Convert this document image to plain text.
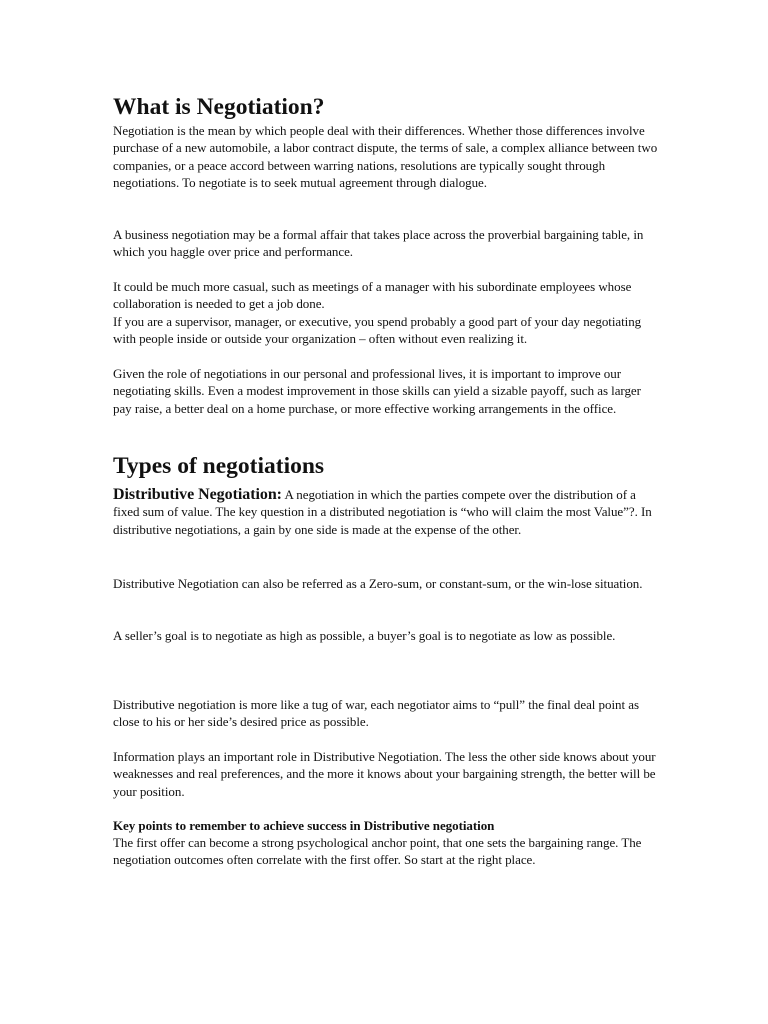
What is Negotiation?

Negotiation is the mean by which people deal with their differences. Whether those differences involve purchase of a new automobile, a labor contract dispute, the terms of sale, a complex alliance between two companies, or a peace accord between warring nations, resolutions are typically sought through negotiations. To negotiate is to seek mutual agreement through dialogue.

A business negotiation may be a formal affair that takes place across the proverbial bargaining table, in which you haggle over price and performance.

It could be much more casual, such as meetings of a manager with his subordinate employees whose collaboration is needed to get a job done.

If you are a supervisor, manager, or executive, you spend probably a good part of your day negotiating with people inside or outside your organization – often without even realizing it.

Given the role of negotiations in our personal and professional lives, it is important to improve our negotiating skills. Even a modest improvement in those skills can yield a sizable payoff, such as larger pay raise, a better deal on a home purchase, or more effective working arrangements in the office.

Types of negotiations

Distributive Negotiation: A negotiation in which the parties compete over the distribution of a fixed sum of value. The key question in a distributed negotiation is “who will claim the most Value”?. In distributive negotiations, a gain by one side is made at the expense of the other.

Distributive Negotiation can also be referred as a Zero-sum, or constant-sum, or the win-lose situation.

A seller’s goal is to negotiate as high as possible, a buyer’s goal is to negotiate as low as possible.

Distributive negotiation is more like a tug of war, each negotiator aims to “pull” the final deal point as close to his or her side’s desired price as possible.

Information plays an important role in Distributive Negotiation. The less the other side knows about your weaknesses and real preferences, and the more it knows about your bargaining strength, the better will be your position.

Key points to remember to achieve success in Distributive negotiation

The first offer can become a strong psychological anchor point, that one sets the bargaining range. The negotiation outcomes often correlate with the first offer. So start at the right place.
